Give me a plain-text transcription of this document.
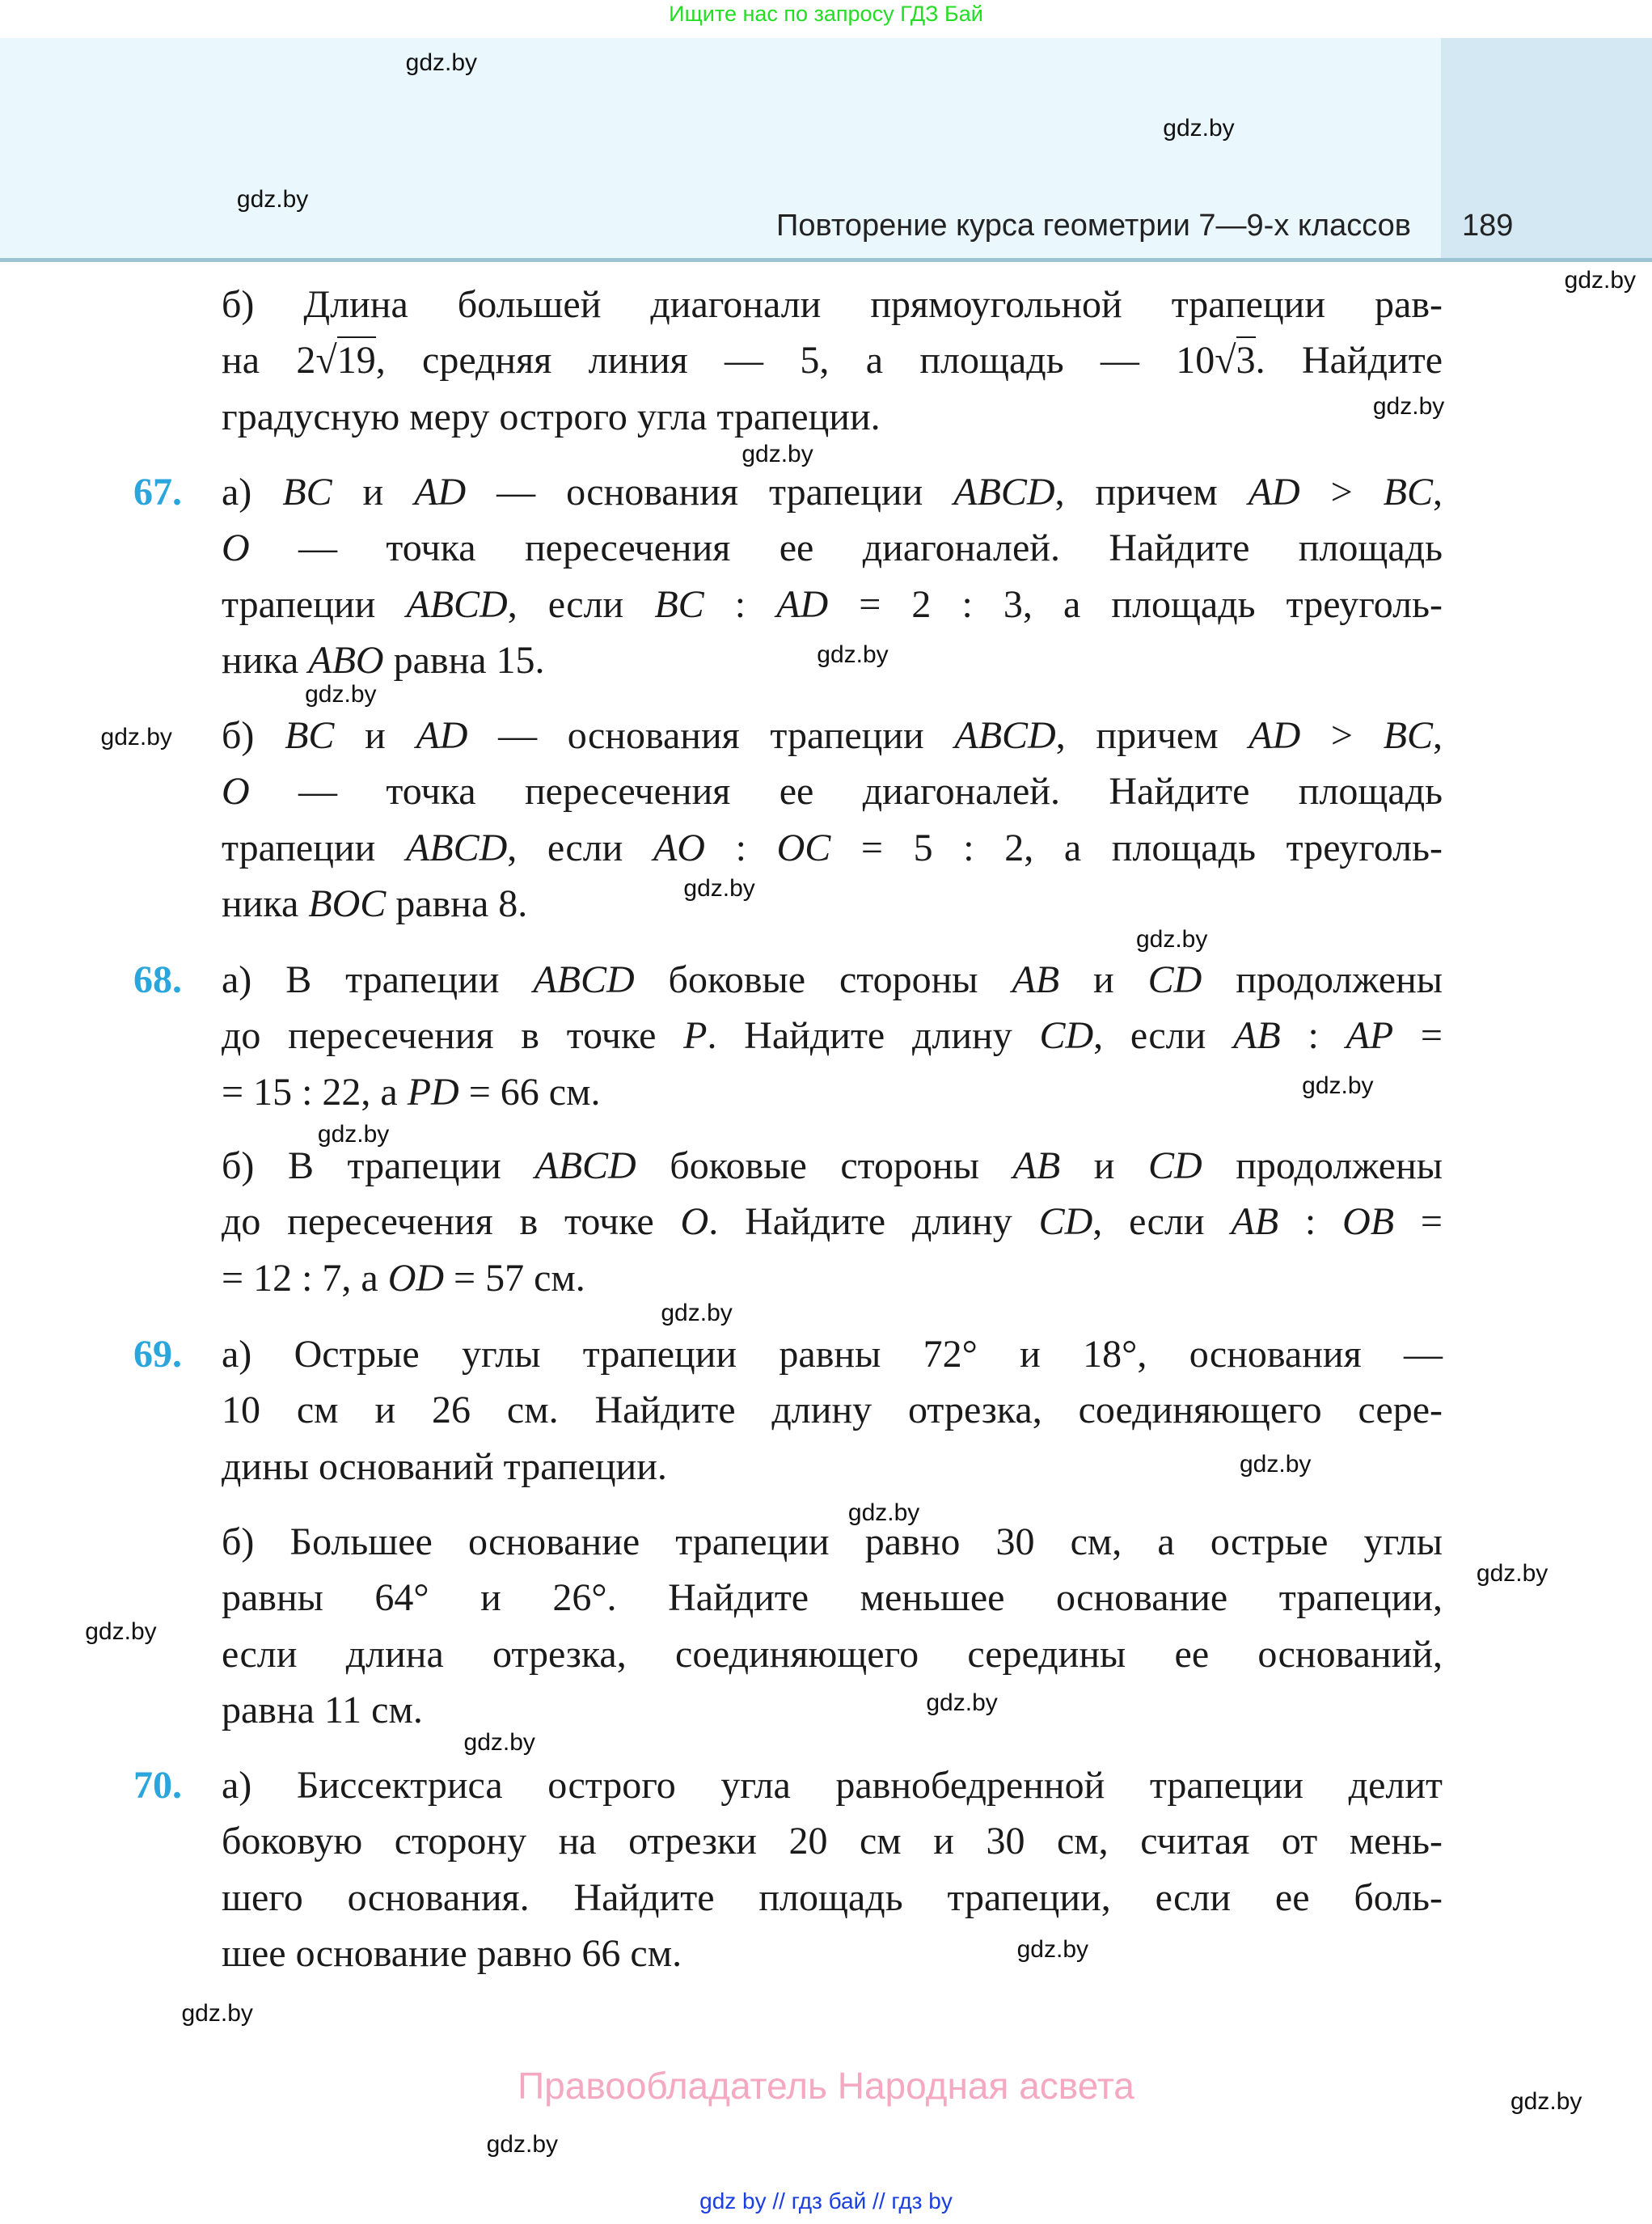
Ищите нас по запросу ГДЗ Бай
Повторение курса геометрии 7—9-х классов 189
б) Длина большей диагонали прямоугольной трапеции рав-
на 2√19, средняя линия — 5, а площадь — 10√3. Найдите
градусную меру острого угла трапеции.
67. а) BC и AD — основания трапеции ABCD, причем AD > BC,
O — точка пересечения ее диагоналей. Найдите площадь
трапеции ABCD, если BC : AD = 2 : 3, а площадь треуголь-
ника ABO равна 15.
б) BC и AD — основания трапеции ABCD, причем AD > BC,
O — точка пересечения ее диагоналей. Найдите площадь
трапеции ABCD, если AO : OC = 5 : 2, а площадь треуголь-
ника BOC равна 8.
68. а) В трапеции ABCD боковые стороны AB и CD продолжены
до пересечения в точке P. Найдите длину CD, если AB : AP =
= 15 : 22, а PD = 66 см.
б) В трапеции ABCD боковые стороны AB и CD продолжены
до пересечения в точке O. Найдите длину CD, если AB : OB =
= 12 : 7, а OD = 57 см.
69. а) Острые углы трапеции равны 72° и 18°, основания —
10 см и 26 см. Найдите длину отрезка, соединяющего сере-
дины оснований трапеции.
б) Большее основание трапеции равно 30 см, а острые углы
равны 64° и 26°. Найдите меньшее основание трапеции,
если длина отрезка, соединяющего середины ее оснований,
равна 11 см.
70. а) Биссектриса острого угла равнобедренной трапеции делит
боковую сторону на отрезки 20 см и 30 см, считая от мень-
шего основания. Найдите площадь трапеции, если ее боль-
шее основание равно 66 см.
gdz.by
gdz.by
gdz.by
gdz.by
gdz.by
gdz.by
gdz.by
gdz.by
gdz.by
gdz.by
gdz.by
gdz.by
gdz.by
gdz.by
gdz.by
gdz.by
gdz.by
gdz.by
gdz.by
gdz.by
gdz.by
gdz.by
gdz.by
gdz.by
Правообладатель Народная асвета
gdz by // гдз бай // гдз by
